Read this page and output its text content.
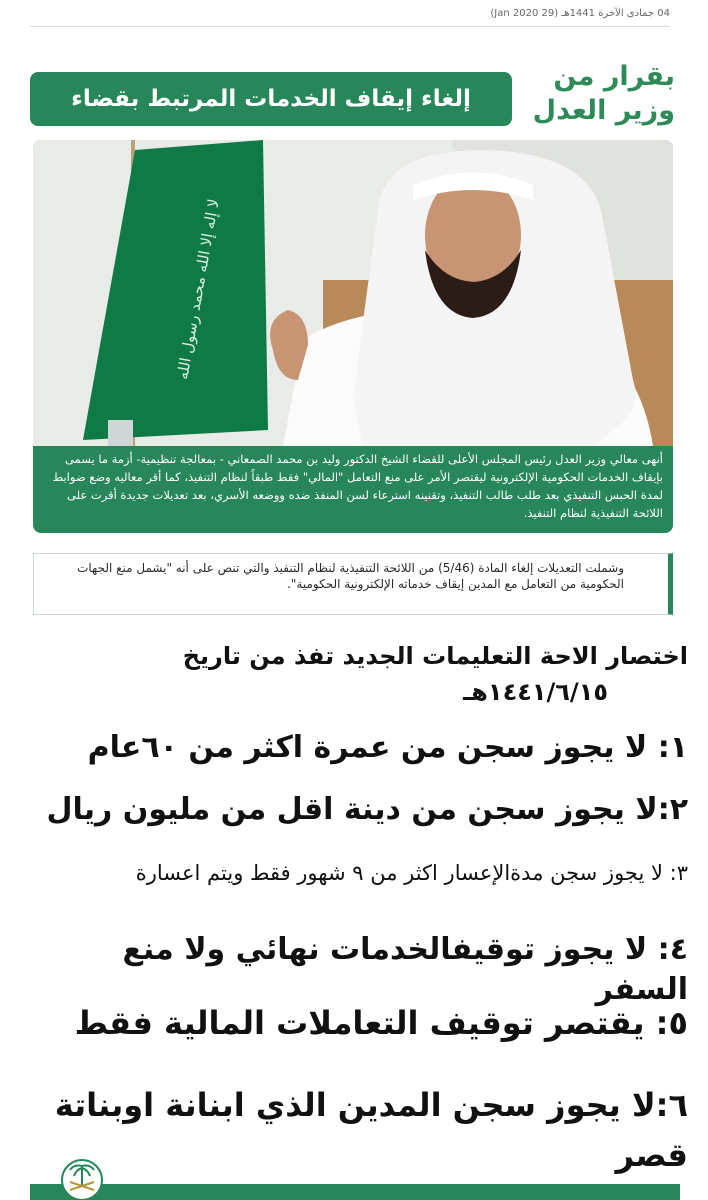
04 جمادى الآخرة 1441هـ (29 Jan 2020)
بقرار من
وزير العدل
إلغاء إيقاف الخدمات المرتبط بقضاء
لا إله إلا الله محمد رسول الله
أنهى معالي وزير العدل رئيس المجلس الأعلى للقضاء الشيخ الدكتور وليد بن محمد الصمعاني - بمعالجة تنظيمية- أزمة ما يسمى بإيقاف الخدمات الحكومية الإلكترونية ليقتصر الأمر على منع التعامل "المالي" فقط طبقاً لنظام التنفيذ، كما أقر معاليه وضع ضوابط لمدة الحبس التنفيذي بعد طلب طالب التنفيذ، وتقنينه استرعاء لسن المنفذ ضده ووضعه الأسري، بعد تعديلات جديدة أقرت على اللائحة التنفيذية لنظام التنفيذ.
وشملت التعديلات إلغاء المادة (5/46) من اللائحة التنفيذية لنظام التنفيذ والتي تنص على أنه "يشمل منع الجهات الحكومية من التعامل مع المدين إيقاف خدماته الإلكترونية الحكومية".
اختصار الاحة التعليمات الجديد تفذ من تاريخ
١٤٤١/٦/١٥هـ
١: لا يجوز سجن من عمرة اكثر من ٦٠عام
٢:لا يجوز سجن من دينة اقل من مليون ريال
٣: لا يجوز سجن مدةالإعسار اكثر من ٩ شهور فقط ويتم اعسارة
٤: لا يجوز توقيفالخدمات نهائي ولا منع السفر
٥: يقتصر توقيف التعاملات المالية فقط
٦:لا يجوز سجن المدين الذي ابنانة اوبناتة قصر
